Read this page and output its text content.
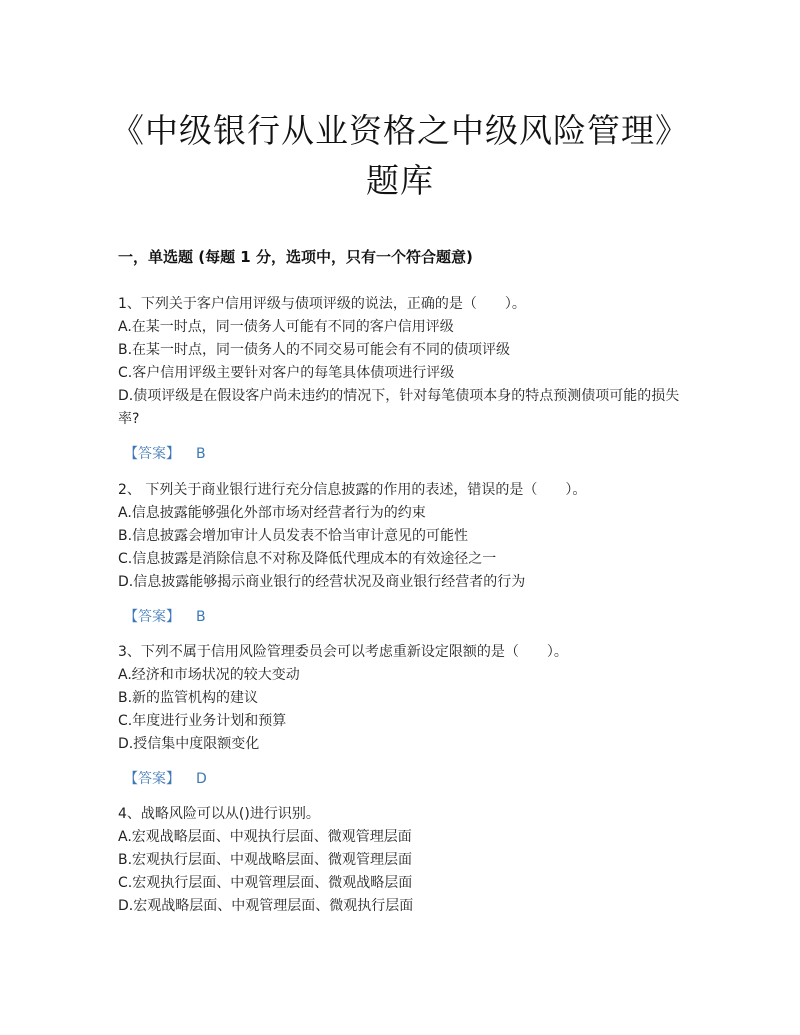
《中级银行从业资格之中级风险管理》题库
一，单选题 (每题 1 分，选项中，只有一个符合题意)
1、下列关于客户信用评级与债项评级的说法，正确的是（　　）。
A.在某一时点，同一债务人可能有不同的客户信用评级
B.在某一时点，同一债务人的不同交易可能会有不同的债项评级
C.客户信用评级主要针对客户的每笔具体债项进行评级
D.债项评级是在假设客户尚未违约的情况下，针对每笔债项本身的特点预测债项可能的损失率?
【答案】 B
2、 下列关于商业银行进行充分信息披露的作用的表述，错误的是（　　）。
A.信息披露能够强化外部市场对经营者行为的约束
B.信息披露会增加审计人员发表不恰当审计意见的可能性
C.信息披露是消除信息不对称及降低代理成本的有效途径之一
D.信息披露能够揭示商业银行的经营状况及商业银行经营者的行为
【答案】 B
3、下列不属于信用风险管理委员会可以考虑重新设定限额的是（　　）。
A.经济和市场状况的较大变动
B.新的监管机构的建议
C.年度进行业务计划和预算
D.授信集中度限额变化
【答案】 D
4、战略风险可以从()进行识别。
A.宏观战略层面、中观执行层面、微观管理层面
B.宏观执行层面、中观战略层面、微观管理层面
C.宏观执行层面、中观管理层面、微观战略层面
D.宏观战略层面、中观管理层面、微观执行层面
